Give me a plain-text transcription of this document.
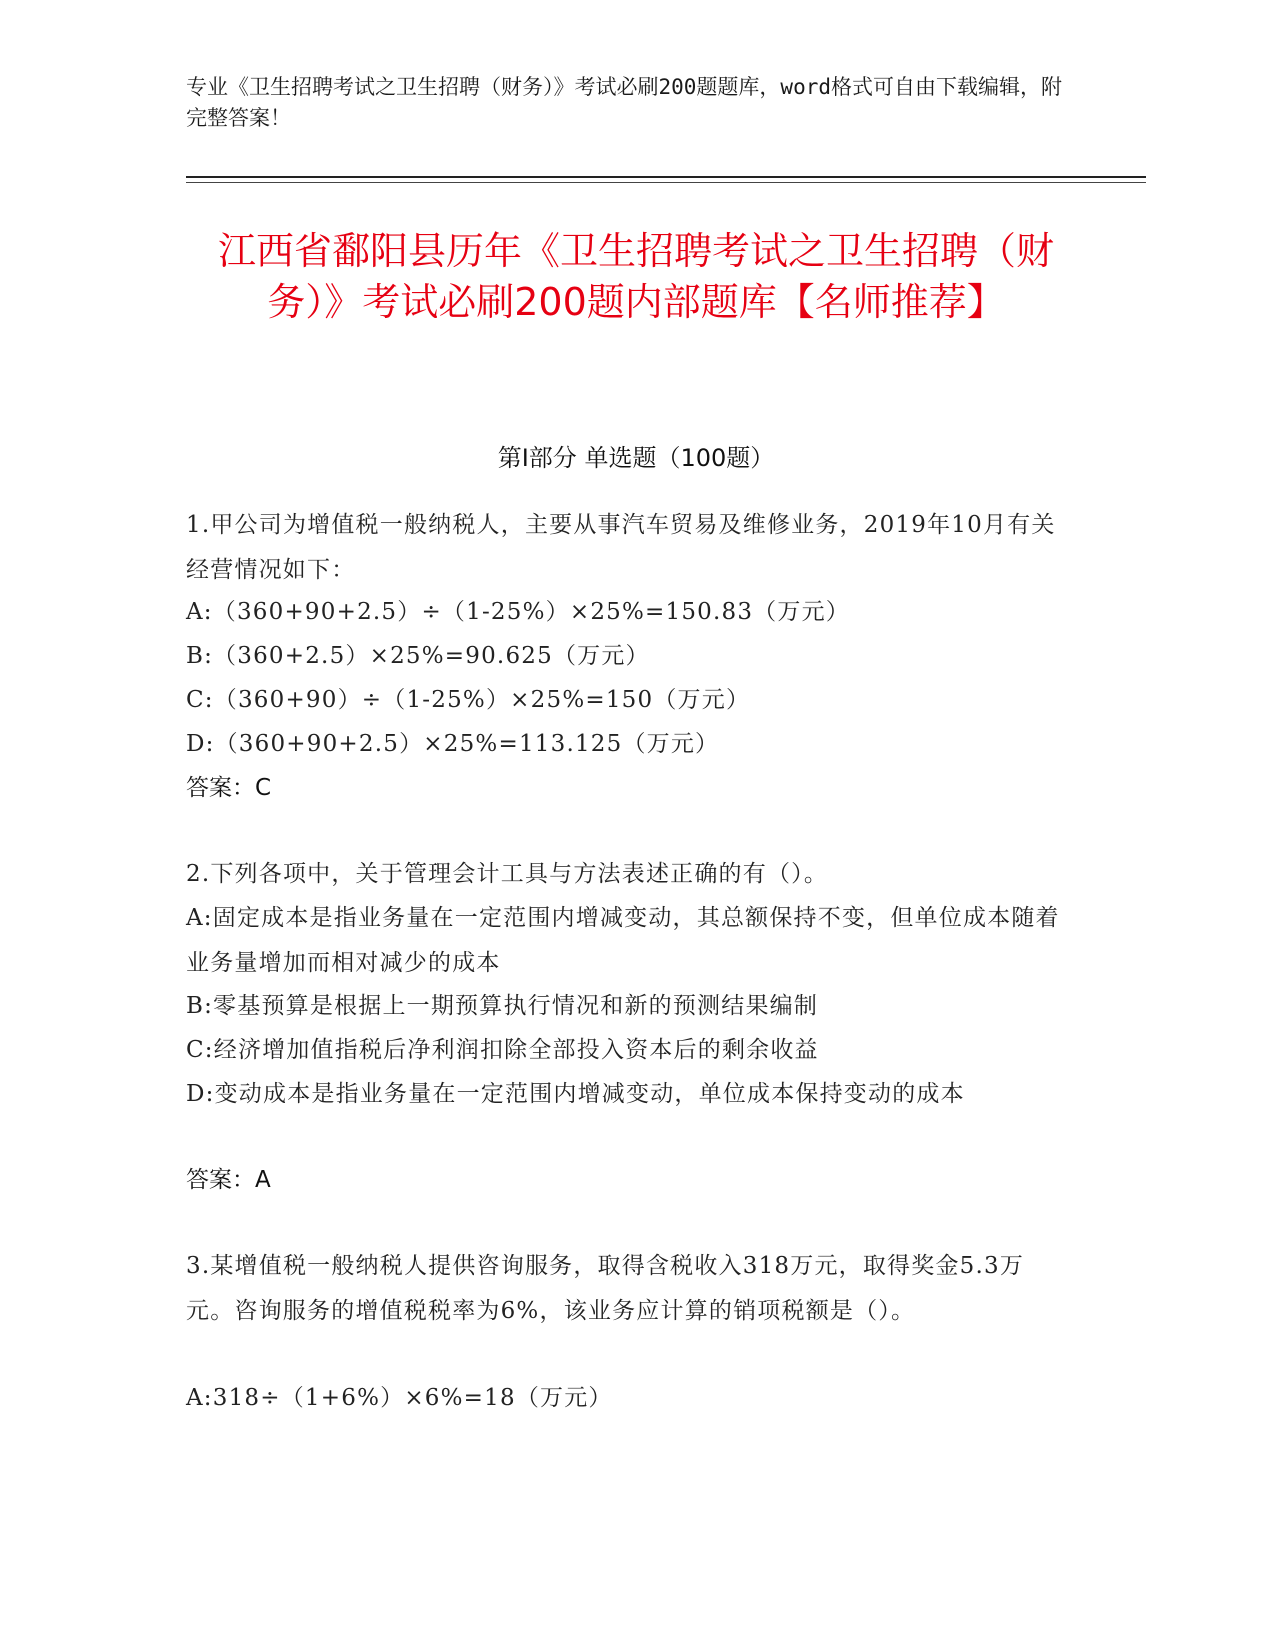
专业《卫生招聘考试之卫生招聘（财务）》考试必刷200题题库，word格式可自由下载编辑，附完整答案！
江西省鄱阳县历年《卫生招聘考试之卫生招聘（财务）》考试必刷200题内部题库【名师推荐】
第Ⅰ部分 单选题（100题）
1.甲公司为增值税一般纳税人，主要从事汽车贸易及维修业务，2019年10月有关经营情况如下：
A:（360+90+2.5）÷（1-25%）×25%=150.83（万元）
B:（360+2.5）×25%=90.625（万元）
C:（360+90）÷（1-25%）×25%=150（万元）
D:（360+90+2.5）×25%=113.125（万元）
答案：C
2.下列各项中，关于管理会计工具与方法表述正确的有（）。
A:固定成本是指业务量在一定范围内增减变动，其总额保持不变，但单位成本随着业务量增加而相对减少的成本
B:零基预算是根据上一期预算执行情况和新的预测结果编制
C:经济增加值指税后净利润扣除全部投入资本后的剩余收益
D:变动成本是指业务量在一定范围内增减变动，单位成本保持变动的成本
答案：A
3.某增值税一般纳税人提供咨询服务，取得含税收入318万元，取得奖金5.3万元。咨询服务的增值税税率为6%，该业务应计算的销项税额是（）。
A:318÷（1+6%）×6%=18（万元）
